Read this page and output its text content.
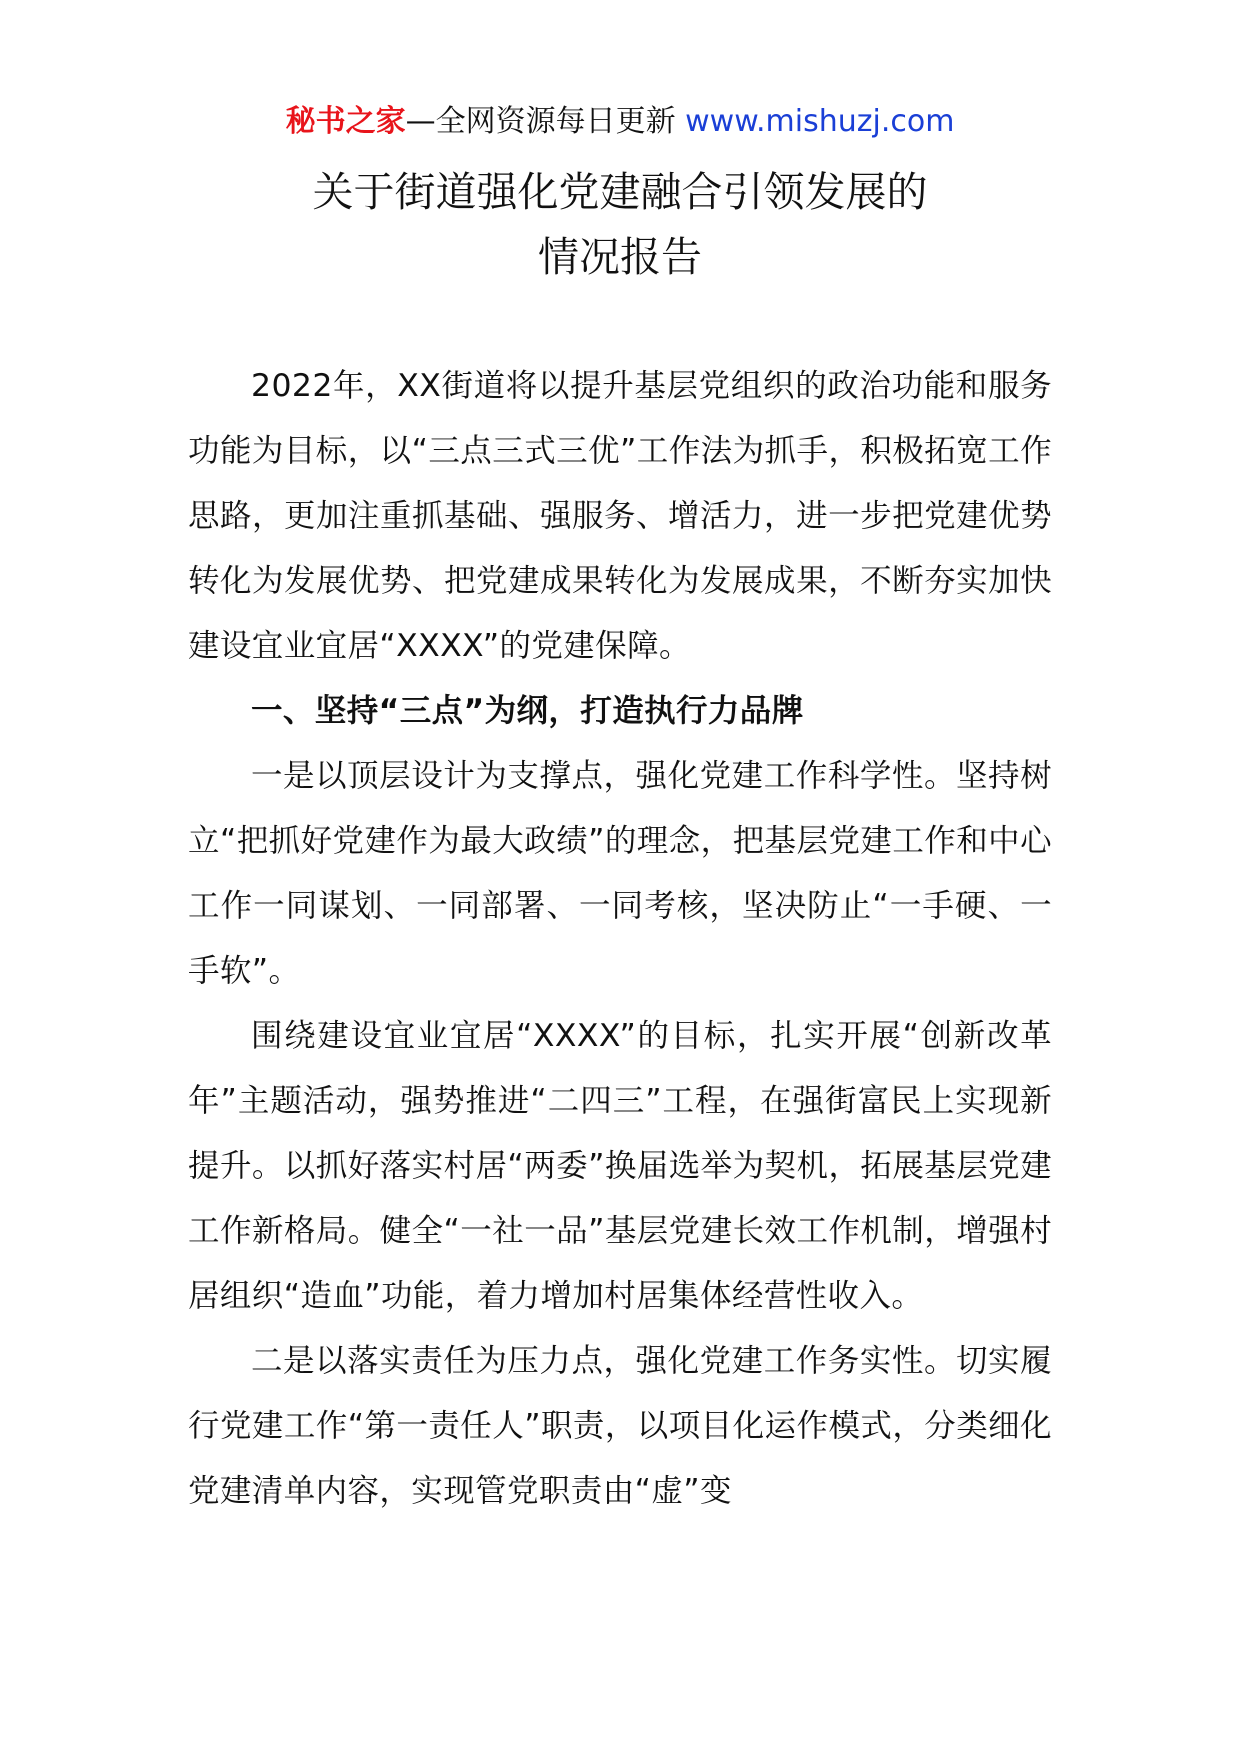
秘书之家—全网资源每日更新 www.mishuzj.com
关于街道强化党建融合引领发展的
情况报告

2022年，XX街道将以提升基层党组织的政治功能和服务功能为目标，以“三点三式三优”工作法为抓手，积极拓宽工作思路，更加注重抓基础、强服务、增活力，进一步把党建优势转化为发展优势、把党建成果转化为发展成果，不断夯实加快建设宜业宜居“XXXX”的党建保障。

一、坚持“三点”为纲，打造执行力品牌

一是以顶层设计为支撑点，强化党建工作科学性。坚持树立“把抓好党建作为最大政绩”的理念，把基层党建工作和中心工作一同谋划、一同部署、一同考核，坚决防止“一手硬、一手软”。

围绕建设宜业宜居“XXXX”的目标，扎实开展“创新改革年”主题活动，强势推进“二四三”工程，在强街富民上实现新提升。以抓好落实村居“两委”换届选举为契机，拓展基层党建工作新格局。健全“一社一品”基层党建长效工作机制，增强村居组织“造血”功能，着力增加村居集体经营性收入。

二是以落实责任为压力点，强化党建工作务实性。切实履行党建工作“第一责任人”职责，以项目化运作模式，分类细化党建清单内容，实现管党职责由“虚”变
